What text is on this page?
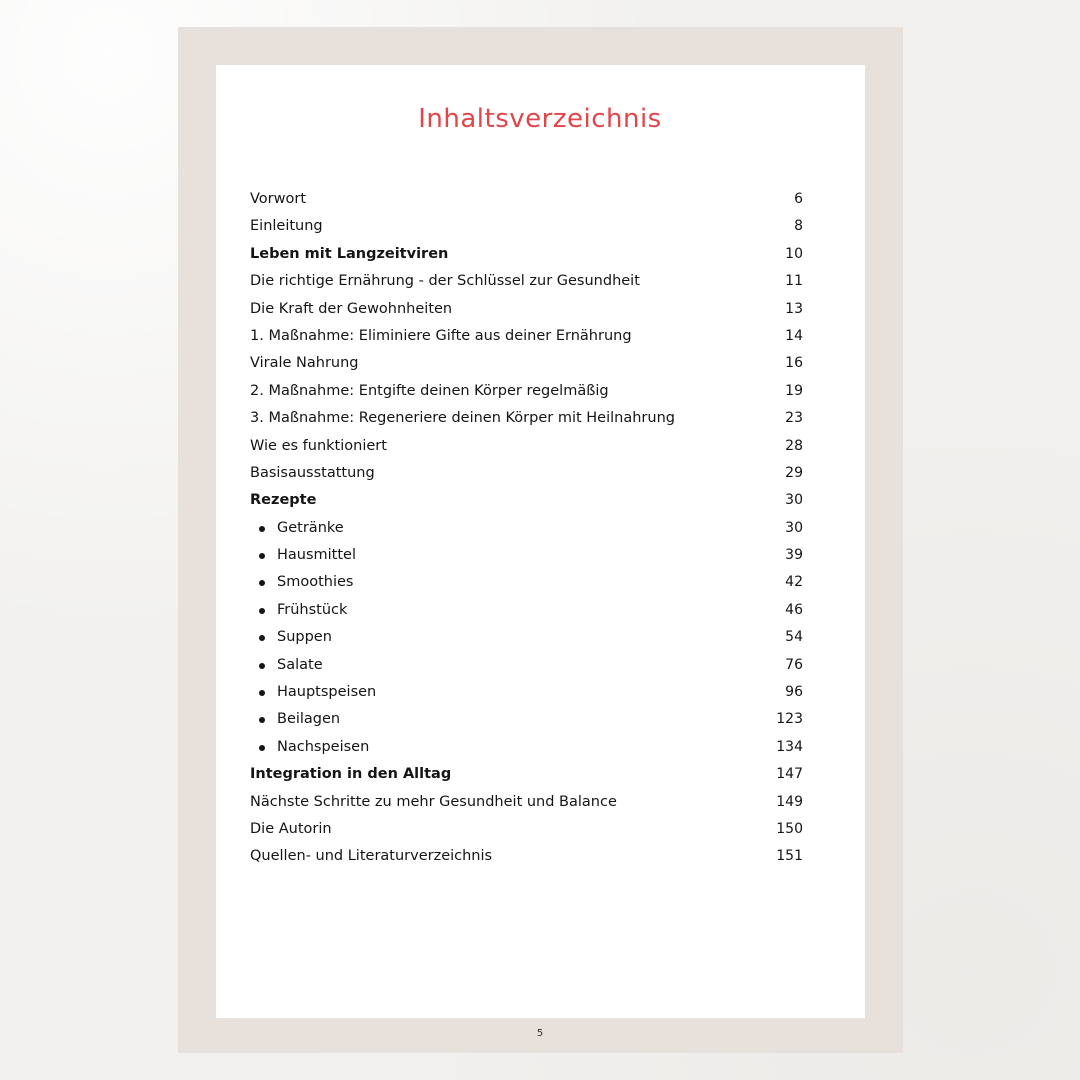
Inhaltsverzeichnis
Vorwort	6
Einleitung	8
Leben mit Langzeitviren	10
Die richtige Ernährung - der Schlüssel zur Gesundheit	11
Die Kraft der Gewohnheiten	13
1. Maßnahme: Eliminiere Gifte aus deiner Ernährung	14
Virale Nahrung	16
2. Maßnahme: Entgifte deinen Körper regelmäßig	19
3. Maßnahme: Regeneriere deinen Körper mit Heilnahrung	23
Wie es funktioniert	28
Basisausstattung	29
Rezepte	30
Getränke	30
Hausmittel	39
Smoothies	42
Frühstück	46
Suppen	54
Salate	76
Hauptspeisen	96
Beilagen	123
Nachspeisen	134
Integration in den Alltag	147
Nächste Schritte zu mehr Gesundheit und Balance	149
Die Autorin	150
Quellen- und Literaturverzeichnis	151
5
